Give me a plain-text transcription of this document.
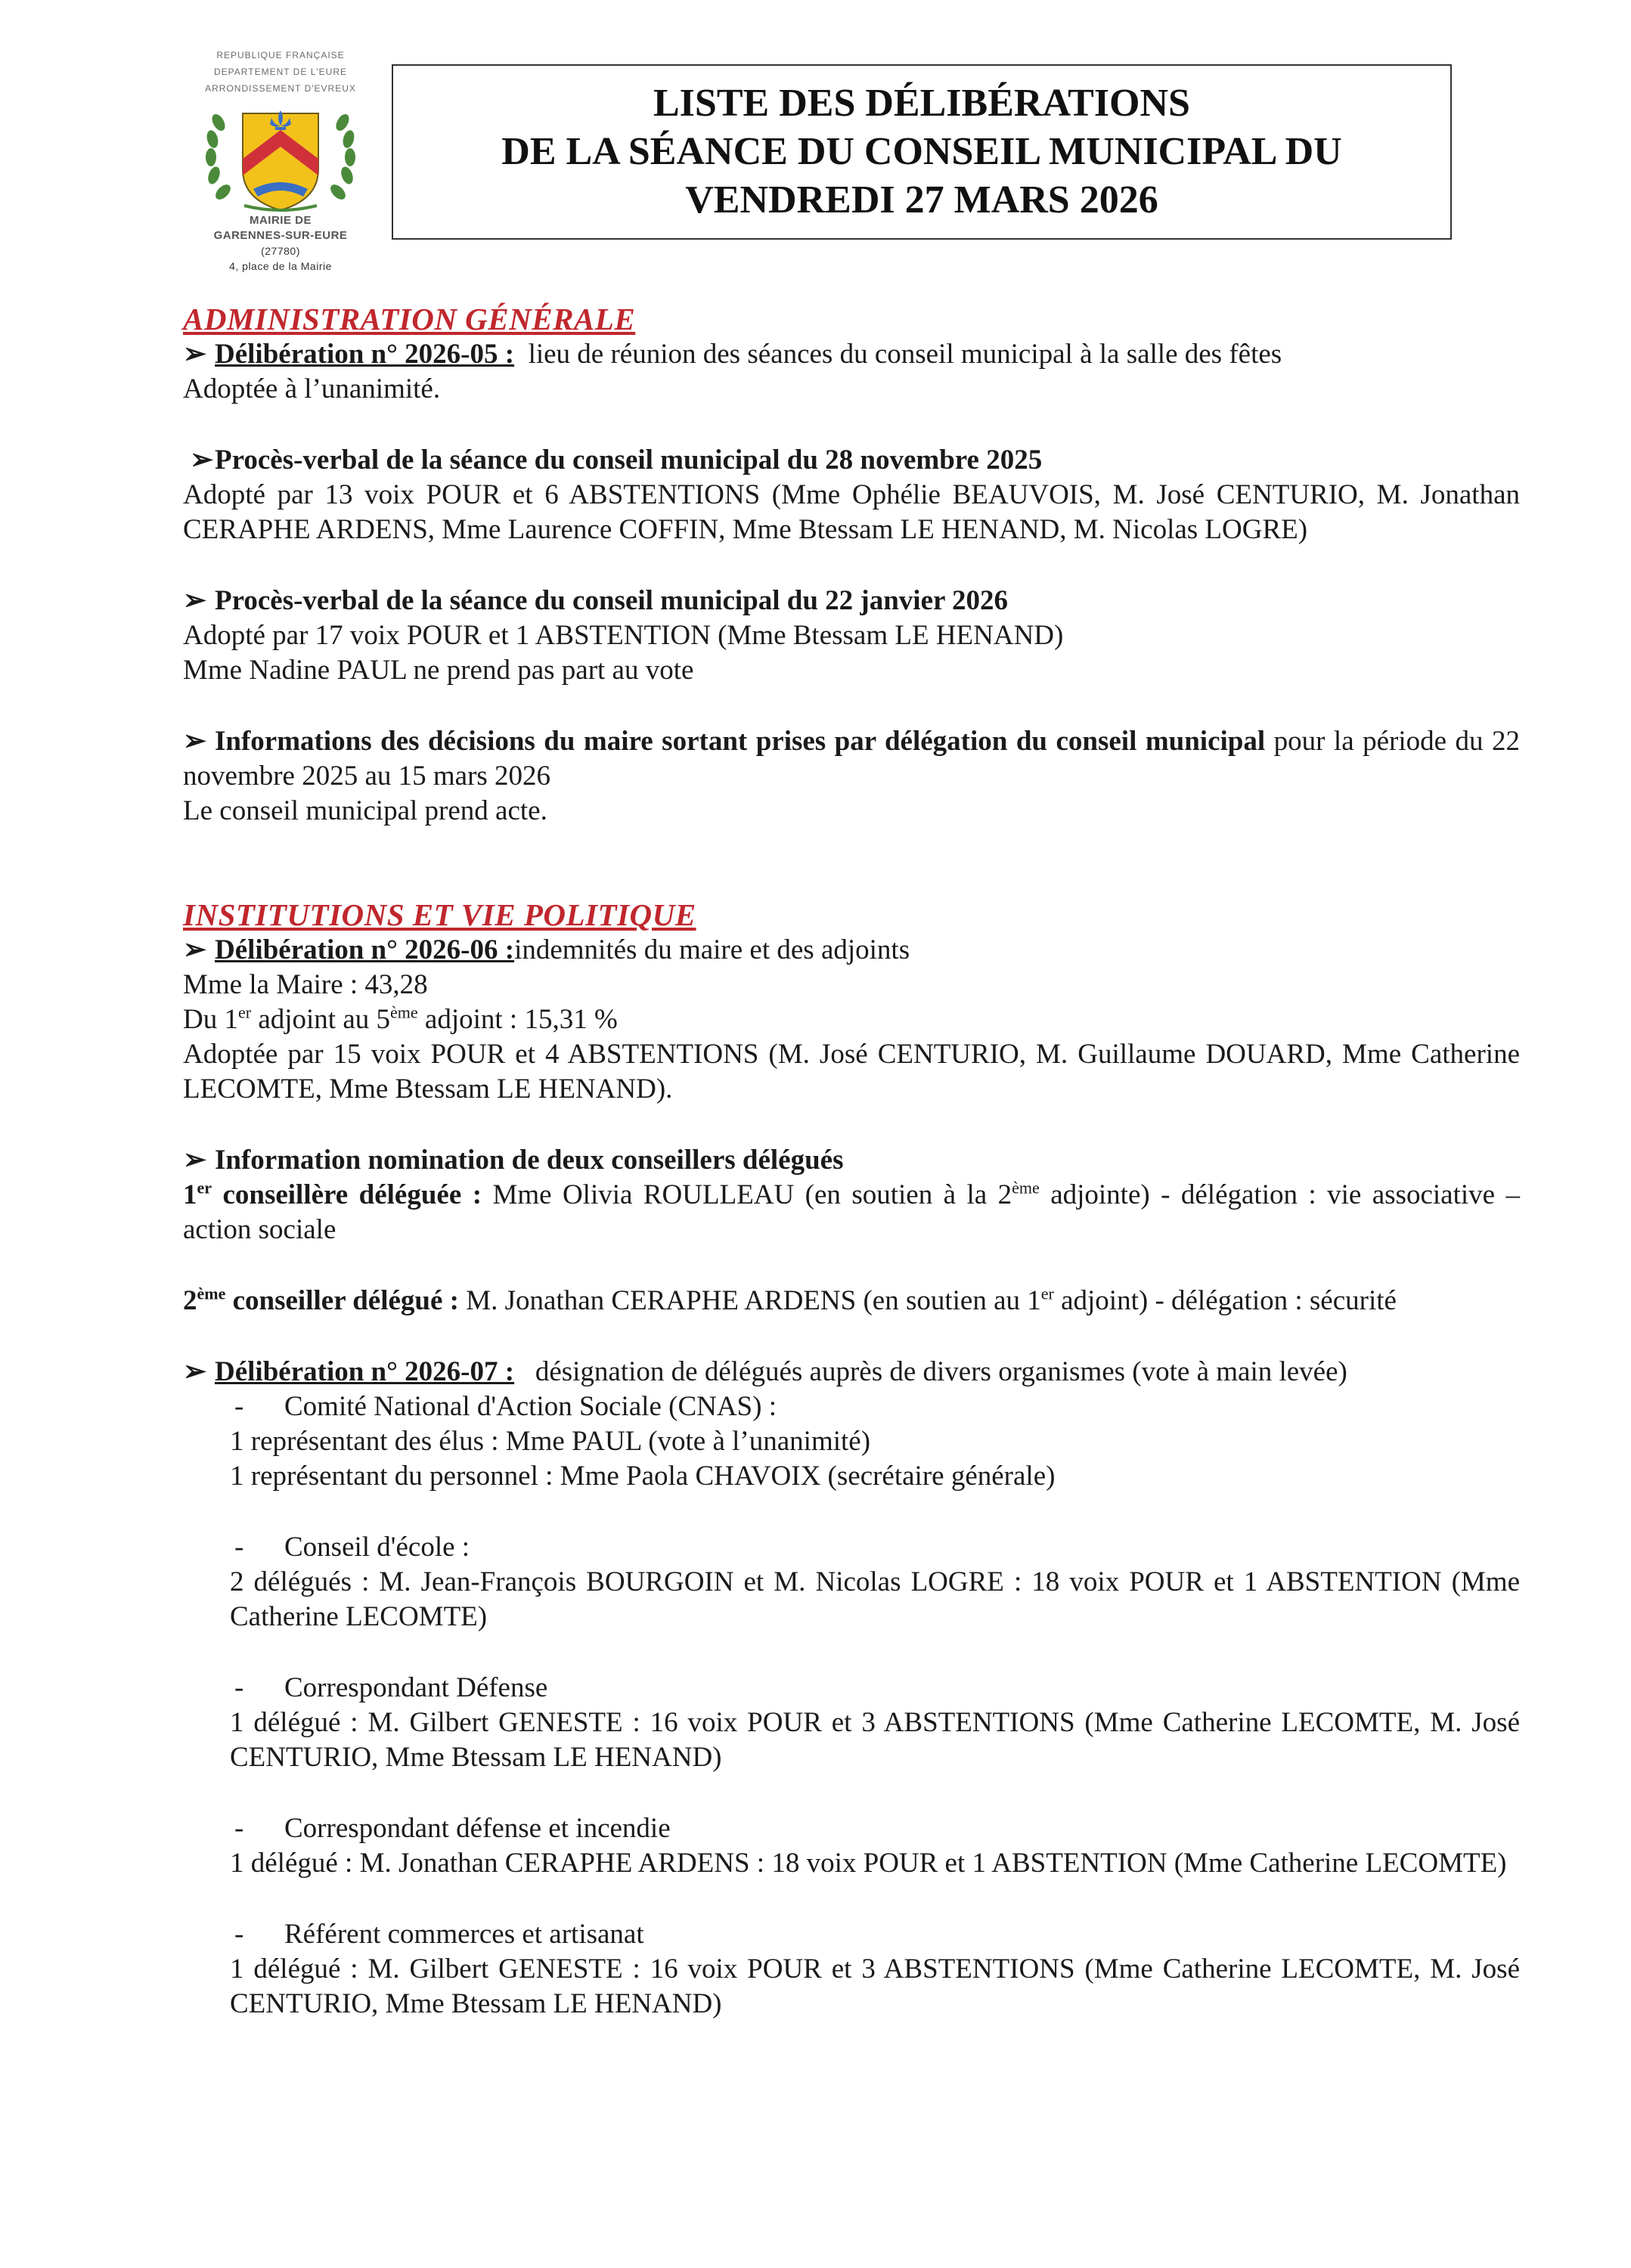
REPUBLIQUE FRANÇAISE
DEPARTEMENT DE L'EURE
ARRONDISSEMENT D'EVREUX
MAIRIE DE
GARENNES-SUR-EURE
(27780)
4, place de la Mairie
LISTE DES DÉLIBÉRATIONS
DE LA SÉANCE DU CONSEIL MUNICIPAL DU
VENDREDI 27 MARS 2026
ADMINISTRATION GÉNÉRALE

➢ Délibération n° 2026-05 : lieu de réunion des séances du conseil municipal à la salle des fêtes

Adoptée à l’unanimité.

➢Procès-verbal de la séance du conseil municipal du 28 novembre 2025

Adopté par 13 voix POUR et 6 ABSTENTIONS (Mme Ophélie BEAUVOIS, M. José CENTURIO, M. Jonathan CERAPHE ARDENS, Mme Laurence COFFIN, Mme Btessam LE HENAND, M. Nicolas LOGRE)

➢ Procès-verbal de la séance du conseil municipal du 22 janvier 2026

Adopté par 17 voix POUR et 1 ABSTENTION (Mme Btessam LE HENAND)

Mme Nadine PAUL ne prend pas part au vote

➢ Informations des décisions du maire sortant prises par délégation du conseil municipal pour la période du 22 novembre 2025 au 15 mars 2026

Le conseil municipal prend acte.

INSTITUTIONS ET VIE POLITIQUE

➢ Délibération n° 2026-06 :indemnités du maire et des adjoints

Mme la Maire : 43,28

Du 1er adjoint au 5ème adjoint : 15,31 %

Adoptée par 15 voix POUR et 4 ABSTENTIONS (M. José CENTURIO, M. Guillaume DOUARD, Mme Catherine LECOMTE, Mme Btessam LE HENAND).

➢ Information nomination de deux conseillers délégués

1er conseillère déléguée : Mme Olivia ROULLEAU (en soutien à la 2ème adjointe) - délégation : vie associative – action sociale

2ème conseiller délégué : M. Jonathan CERAPHE ARDENS (en soutien au 1er adjoint) - délégation : sécurité

➢ Délibération n° 2026-07 : désignation de délégués auprès de divers organismes (vote à main levée)

- Comité National d'Action Sociale (CNAS) :

1 représentant des élus : Mme PAUL (vote à l’unanimité)

1 représentant du personnel : Mme Paola CHAVOIX (secrétaire générale)

- Conseil d'école :

2 délégués : M. Jean-François BOURGOIN et M. Nicolas LOGRE : 18 voix POUR et 1 ABSTENTION (Mme Catherine LECOMTE)

- Correspondant Défense

1 délégué : M. Gilbert GENESTE : 16 voix POUR et 3 ABSTENTIONS (Mme Catherine LECOMTE, M. José CENTURIO, Mme Btessam LE HENAND)

- Correspondant défense et incendie

1 délégué : M. Jonathan CERAPHE ARDENS : 18 voix POUR et 1 ABSTENTION (Mme Catherine LECOMTE)

- Référent commerces et artisanat

1 délégué : M. Gilbert GENESTE : 16 voix POUR et 3 ABSTENTIONS (Mme Catherine LECOMTE, M. José CENTURIO, Mme Btessam LE HENAND)
